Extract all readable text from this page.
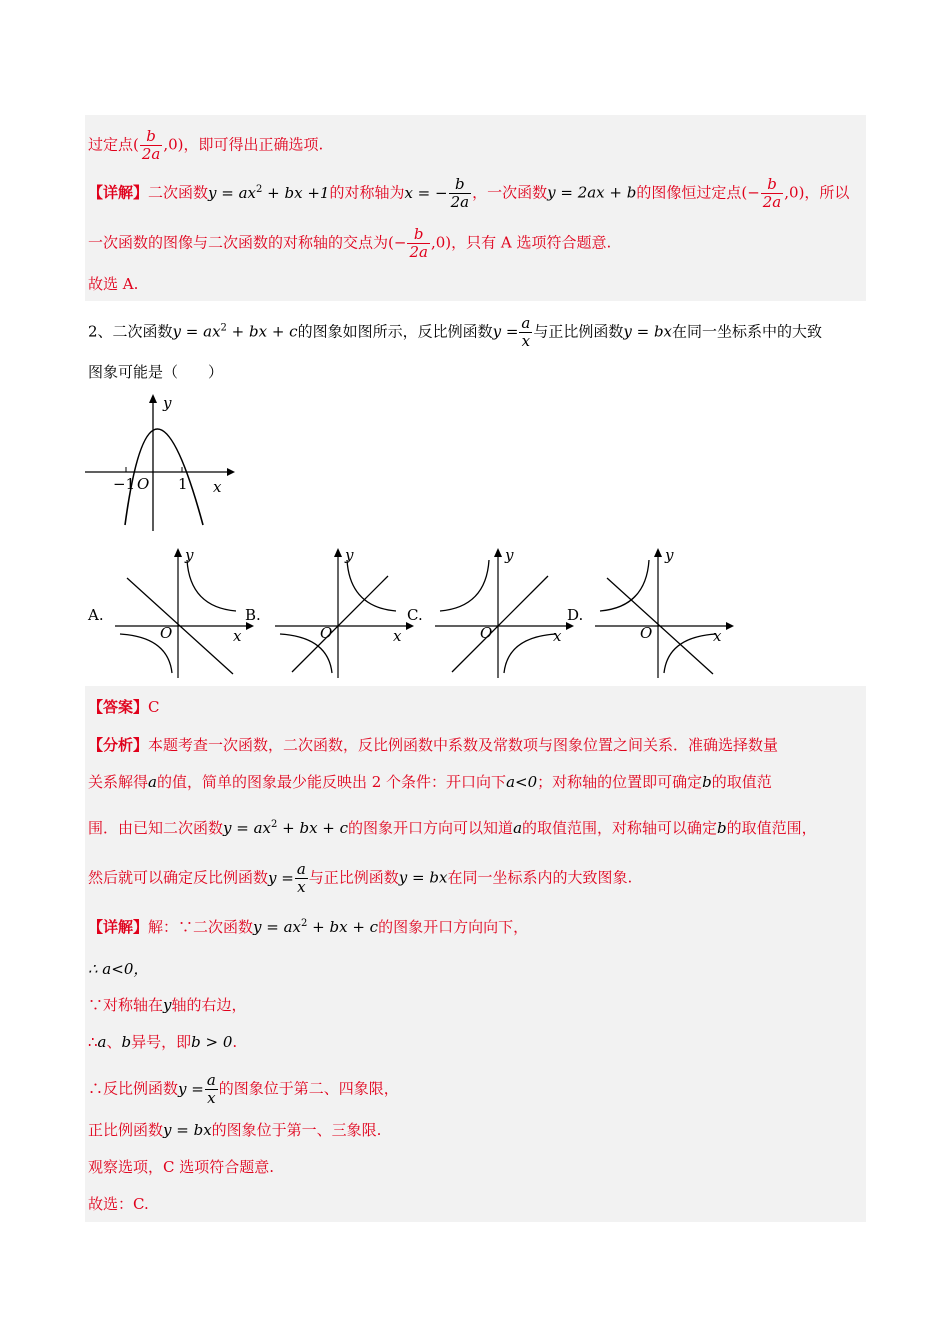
过定点( $\frac{b}{2a} ,0$)，即可得出正确选项.
【详解】二次函数$y = ax^2$ + bx +1的对称轴为x = − $\frac{b}{2a}$ ，一次函数y = 2ax + b的图像恒过定点(− $\frac{b}{2a} ,0$)，所以
一次函数的图像与二次函数的对称轴的交点为(− $\frac{b}{2a} ,0$)，只有 A 选项符合题意.
故选 A.
2、二次函数$y = ax^2$ + bx + c的图象如图所示，反比例函数$y = \frac{a}{x}$ 与正比例函数y = bx在同一坐标系中的大致
图象可能是（　　）
y
x
O
−1	1
A.
y
x
O
B.
y
x
O
C.
y
x
O
D.
y
x
O
【答案】C
【分析】本题考查一次函数，二次函数，反比例函数中系数及常数项与图象位置之间关系．准确选择数量
关系解得a的值，简单的图象最少能反映出 2 个条件：开口向下a<0；对称轴的位置即可确定b的取值范
围．由已知二次函数$y = ax^2$ + bx + c的图象开口方向可以知道a的取值范围，对称轴可以确定b的取值范围，
然后就可以确定反比例函数$y = \frac{a}{x}$ 与正比例函数y = bx在同一坐标系内的大致图象.
【详解】解：∵二次函数$y = ax^2$ + bx + c的图象开口方向向下，
∴ a<0，
∵对称轴在y轴的右边，
∴a、b异号，即b > 0.
∴反比例函数$y = \frac{a}{x}$ 的图象位于第二、四象限，
正比例函数y = bx的图象位于第一、三象限.
观察选项，C 选项符合题意.
故选：C.
